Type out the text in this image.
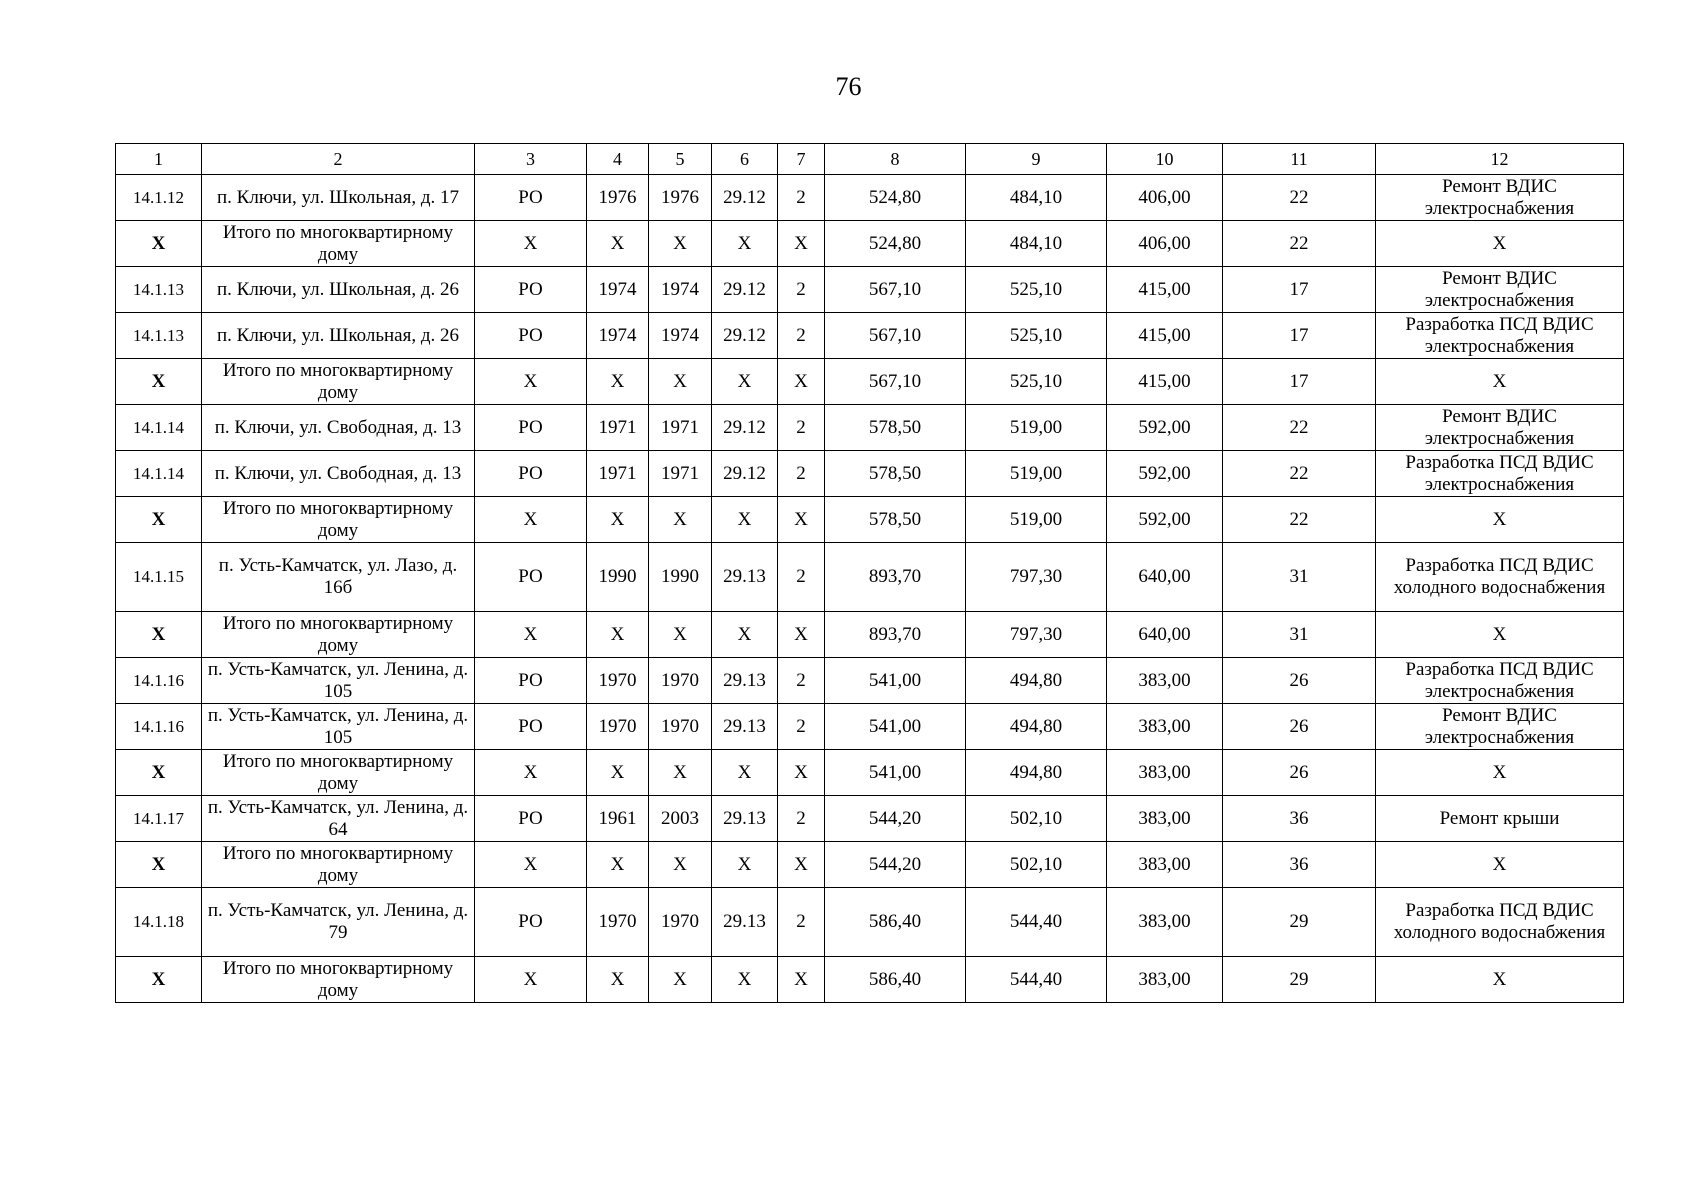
76
1	2	3	4	5	6	7	8	9	10	11	12
14.1.12	п. Ключи, ул. Школьная, д. 17	РО	1976	1976	29.12	2	524,80	484,10	406,00	22	Ремонт ВДИС электроснабжения
X	Итого по многоквартирному дому	X	X	X	X	X	524,80	484,10	406,00	22	X
14.1.13	п. Ключи, ул. Школьная, д. 26	РО	1974	1974	29.12	2	567,10	525,10	415,00	17	Ремонт ВДИС электроснабжения
14.1.13	п. Ключи, ул. Школьная, д. 26	РО	1974	1974	29.12	2	567,10	525,10	415,00	17	Разработка ПСД ВДИС электроснабжения
X	Итого по многоквартирному дому	X	X	X	X	X	567,10	525,10	415,00	17	X
14.1.14	п. Ключи, ул. Свободная, д. 13	РО	1971	1971	29.12	2	578,50	519,00	592,00	22	Ремонт ВДИС электроснабжения
14.1.14	п. Ключи, ул. Свободная, д. 13	РО	1971	1971	29.12	2	578,50	519,00	592,00	22	Разработка ПСД ВДИС электроснабжения
X	Итого по многоквартирному дому	X	X	X	X	X	578,50	519,00	592,00	22	X
14.1.15	п. Усть-Камчатск, ул. Лазо, д. 16б	РО	1990	1990	29.13	2	893,70	797,30	640,00	31	Разработка ПСД ВДИС холодного водоснабжения
X	Итого по многоквартирному дому	X	X	X	X	X	893,70	797,30	640,00	31	X
14.1.16	п. Усть-Камчатск, ул. Ленина, д. 105	РО	1970	1970	29.13	2	541,00	494,80	383,00	26	Разработка ПСД ВДИС электроснабжения
14.1.16	п. Усть-Камчатск, ул. Ленина, д. 105	РО	1970	1970	29.13	2	541,00	494,80	383,00	26	Ремонт ВДИС электроснабжения
X	Итого по многоквартирному дому	X	X	X	X	X	541,00	494,80	383,00	26	X
14.1.17	п. Усть-Камчатск, ул. Ленина, д. 64	РО	1961	2003	29.13	2	544,20	502,10	383,00	36	Ремонт крыши
X	Итого по многоквартирному дому	X	X	X	X	X	544,20	502,10	383,00	36	X
14.1.18	п. Усть-Камчатск, ул. Ленина, д. 79	РО	1970	1970	29.13	2	586,40	544,40	383,00	29	Разработка ПСД ВДИС холодного водоснабжения
X	Итого по многоквартирному дому	X	X	X	X	X	586,40	544,40	383,00	29	X
